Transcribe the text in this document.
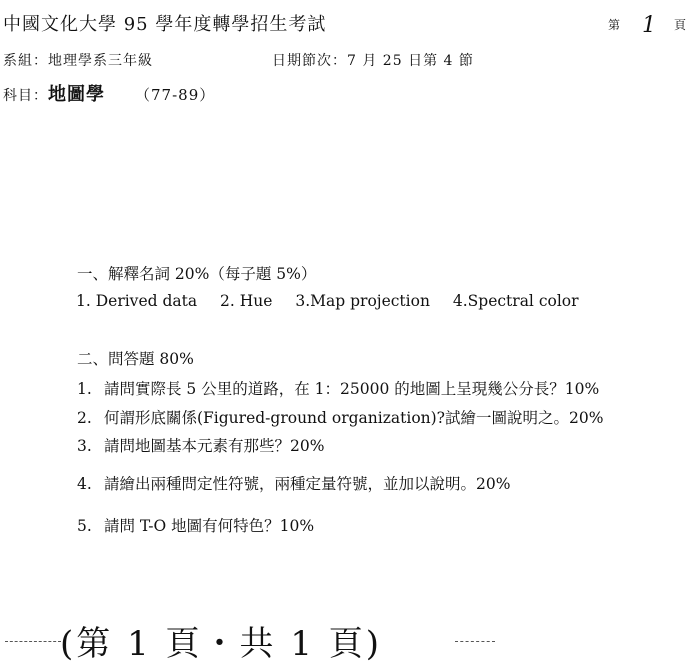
中國文化大學 95 學年度轉學招生考試	第 1 頁
系組：地理學系三年級	日期節次：7 月 25 日第 4 節
科目：地圖學 （77-89）
一、解釋名詞 20%（每子題 5%）
1. Derived data 2. Hue 3.Map projection 4.Spectral color
二、問答題 80%
1. 請問實際長 5 公里的道路，在 1：25000 的地圖上呈現幾公分長？10%
2. 何謂形底關係(Figured-ground organization)?試繪一圖說明之。20%
3. 請問地圖基本元素有那些？20%
4. 請繪出兩種問定性符號，兩種定量符號，並加以說明。20%
5. 請問 T-O 地圖有何特色？10%
(第 1 頁・共 1 頁)
